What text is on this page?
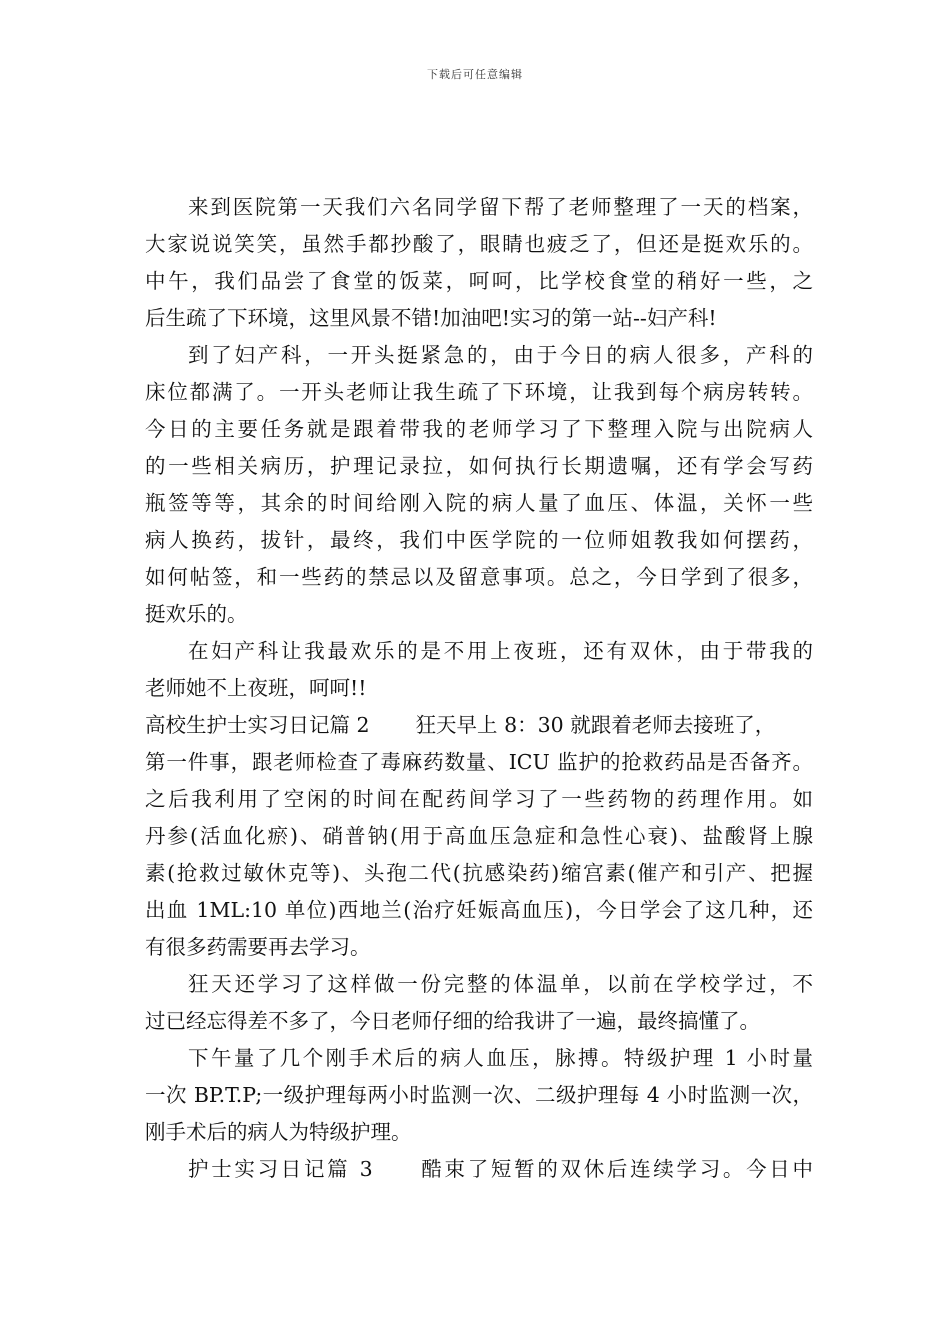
下载后可任意编辑
来到医院第一天我们六名同学留下帮了老师整理了一天的档案，
大家说说笑笑，虽然手都抄酸了，眼睛也疲乏了，但还是挺欢乐的。
中午，我们品尝了食堂的饭菜，呵呵，比学校食堂的稍好一些，之
后生疏了下环境，这里风景不错!加油吧!实习的第一站--妇产科!
到了妇产科，一开头挺紧急的，由于今日的病人很多，产科的
床位都满了。一开头老师让我生疏了下环境，让我到每个病房转转。
今日的主要任务就是跟着带我的老师学习了下整理入院与出院病人
的一些相关病历，护理记录拉，如何执行长期遗嘱，还有学会写药
瓶签等等，其余的时间给刚入院的病人量了血压、体温，关怀一些
病人换药，拔针，最终，我们中医学院的一位师姐教我如何摆药，
如何帖签，和一些药的禁忌以及留意事项。总之，今日学到了很多，
挺欢乐的。
在妇产科让我最欢乐的是不用上夜班，还有双休，由于带我的
老师她不上夜班，呵呵!!
高校生护士实习日记篇 2 狂天早上 8：30 就跟着老师去接班了，
第一件事，跟老师检查了毒麻药数量、ICU 监护的抢救药品是否备齐。
之后我利用了空闲的时间在配药间学习了一些药物的药理作用。如
丹参(活血化瘀)、硝普钠(用于高血压急症和急性心衰)、盐酸肾上腺
素(抢救过敏休克等)、头孢二代(抗感染药)缩宫素(催产和引产、把握
出血 1ML:10 单位)西地兰(治疗妊娠高血压)，今日学会了这几种，还
有很多药需要再去学习。
狂天还学习了这样做一份完整的体温单，以前在学校学过，不
过已经忘得差不多了，今日老师仔细的给我讲了一遍，最终搞懂了。
下午量了几个刚手术后的病人血压，脉搏。特级护理 1 小时量
一次 BP.T.P;一级护理每两小时监测一次、二级护理每 4 小时监测一次，
刚手术后的病人为特级护理。
护士实习日记篇 3 酷束了短暂的双休后连续学习。今日中
